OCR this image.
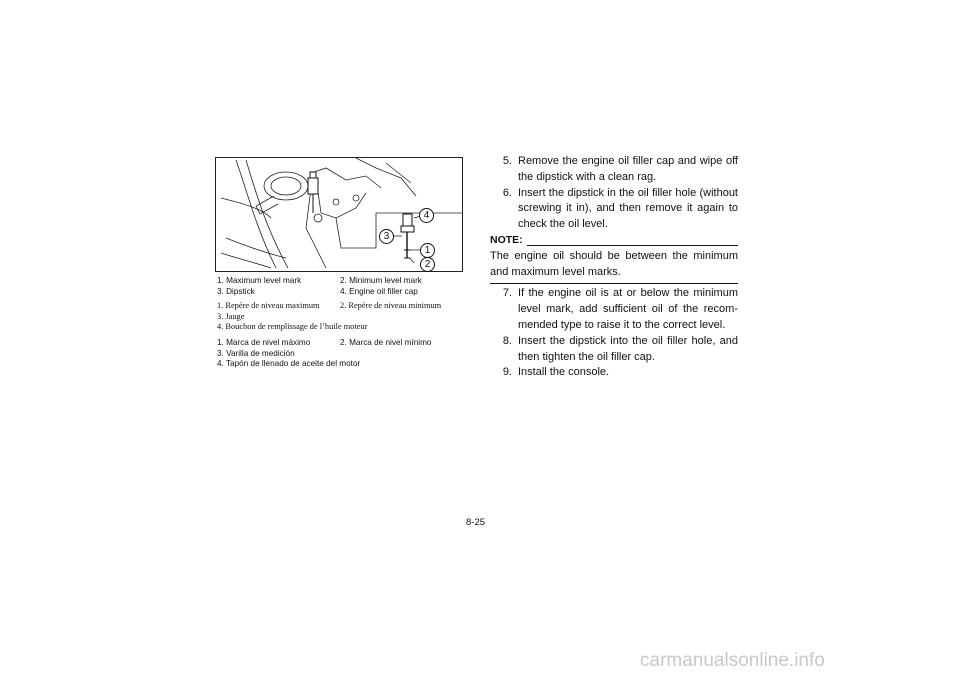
4
3
1
2
1. Maximum level mark	2. Minimum level mark
3. Dipstick	4. Engine oil filler cap
1. Repère de niveau maximum	2. Repère de niveau minimum
3. Jauge
4. Bouchon de remplissage de l’huile moteur
1. Marca de nivel máximo	2. Marca de nivel mínimo
3. Varilla de medición
4. Tapón de llenado de aceite del motor
5. Remove the engine oil filler cap and wipe off the dipstick with a clean rag.
6. Insert the dipstick in the oil filler hole (without screwing it in), and then remove it again to check the oil level.
NOTE:
The engine oil should be between the minimum and maximum level marks.
7. If the engine oil is at or below the minimum level mark, add sufficient oil of the recom-mended type to raise it to the correct level.
8. Insert the dipstick into the oil filler hole, and then tighten the oil filler cap.
9. Install the console.
8-25
carmanualsonline.info
